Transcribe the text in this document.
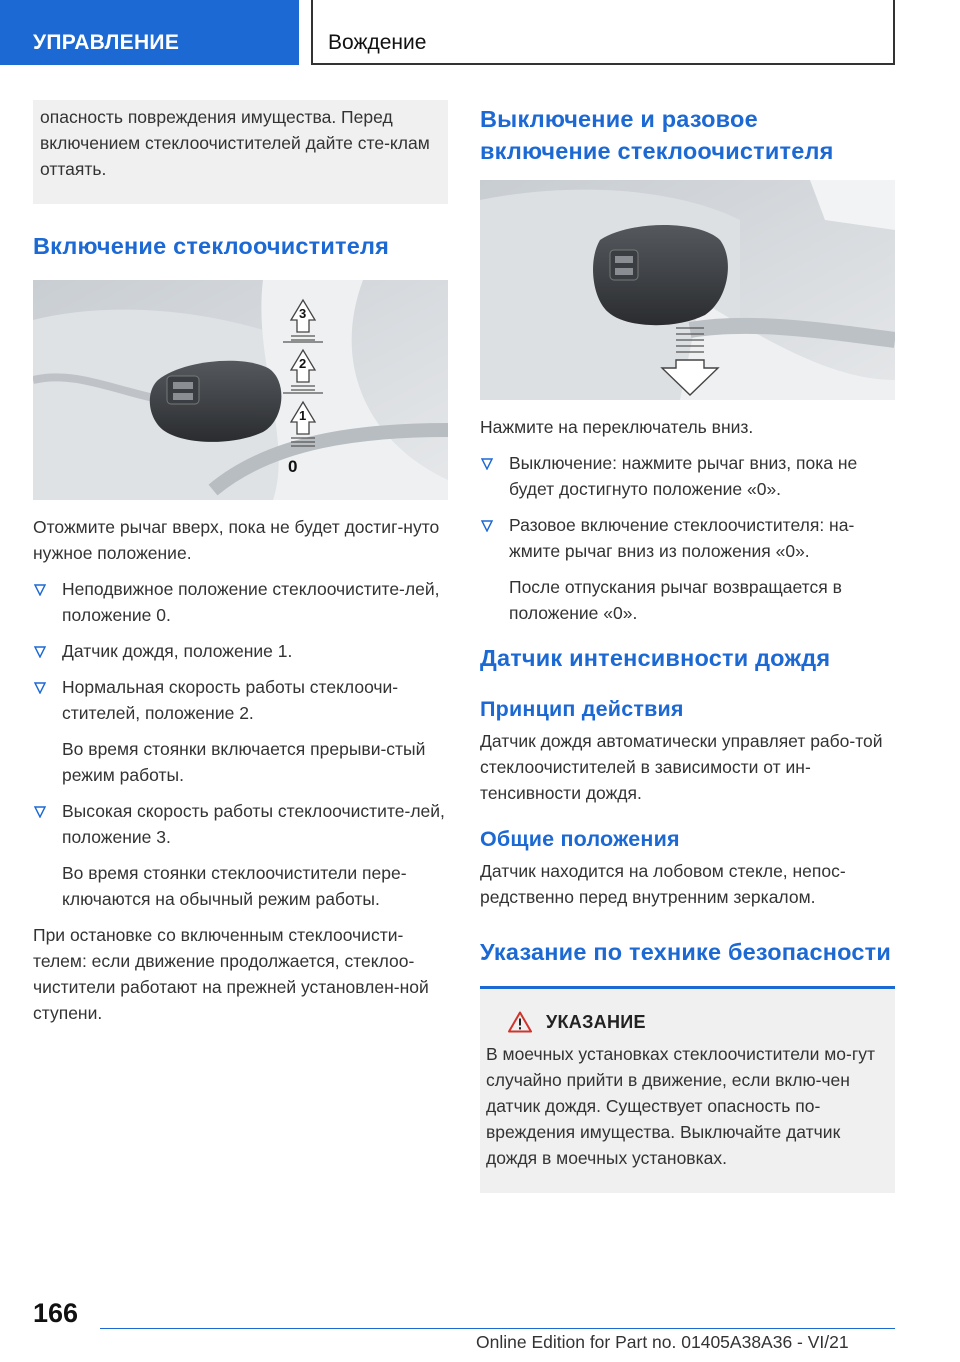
УПРАВЛЕНИЕ	Вождение
опасность повреждения имущества. Перед включением стеклоочистителей дайте сте-клам оттаять.
Включение стеклоочистителя
3
2
1
0

Отожмите рычаг вверх, пока не будет достиг-нуто нужное положение.

Неподвижное положение стеклоочистите-лей, положение 0.
Датчик дождя, положение 1.
Нормальная скорость работы стеклоочи-стителей, положение 2.
Во время стоянки включается прерыви-стый режим работы.
Высокая скорость работы стеклоочистите-лей, положение 3.
Во время стоянки стеклоочистители пере-ключаются на обычный режим работы.

При остановке со включенным стеклоочисти-телем: если движение продолжается, стеклоо-чистители работают на прежней установлен-ной ступени.

Выключение и разовое включение стеклоочистителя

Нажмите на переключатель вниз.

Выключение: нажмите рычаг вниз, пока не будет достигнуто положение «0».
Разовое включение стеклоочистителя: на-жмите рычаг вниз из положения «0».
После отпускания рычаг возвращается в положение «0».
Датчик интенсивности дождя
Принцип действия

Датчик дождя автоматически управляет рабо-той стеклоочистителей в зависимости от ин-тенсивности дождя.

Общие положения

Датчик находится на лобовом стекле, непос-редственно перед внутренним зеркалом.

Указание по технике безопасности
УКАЗАНИЕ

В моечных установках стеклоочистители мо-гут случайно прийти в движение, если вклю-чен датчик дождя. Существует опасность по-вреждения имущества. Выключайте датчик дождя в моечных установках.

166
Online Edition for Part no. 01405A38A36 - VI/21
